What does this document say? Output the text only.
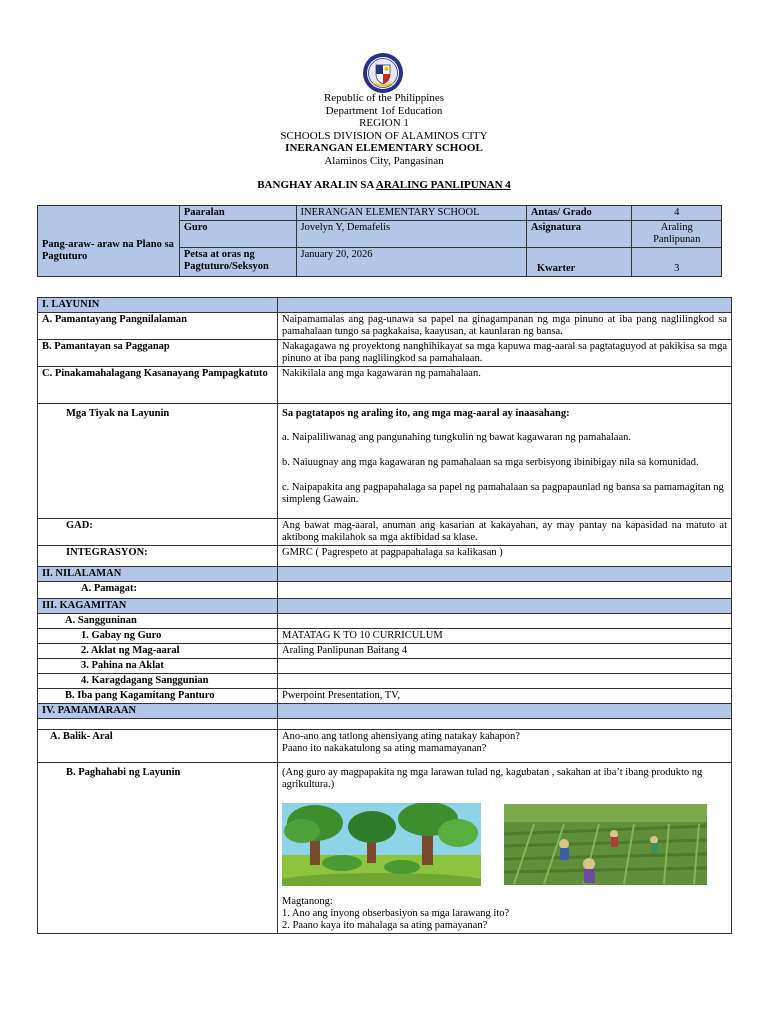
Republic of the Philippines
Department 1of Education
REGION 1
SCHOOLS DIVISION OF ALAMINOS CITY
INERANGAN ELEMENTARY SCHOOL
Alaminos City, Pangasinan
BANGHAY ARALIN SA ARALING PANLIPUNAN 4
Pang-araw- araw na Plano sa Pagtuturo	Paaralan	INERANGAN ELEMENTARY SCHOOL	Antas/ Grado	4
	Guro	Jovelyn Y, Demafelis	Asignatura	Araling Panlipunan
	Petsa at oras ng Pagtuturo/Seksyon	January 20, 2026	Kwarter	3
I. LAYUNIN	
A. Pamantayang Pangnilalaman	Naipamamalas ang pag-unawa sa papel na ginagampanan ng mga pinuno at iba pang naglilingkod sa pamahalaan tungo sa pagkakaisa, kaayusan, at kaunlaran ng bansa.
B. Pamantayan sa Pagganap	Nakagagawa ng proyektong nanghihikayat sa mga kapuwa mag-aaral sa pagtataguyod at pakikisa sa mga pinuno at iba pang naglilingkod sa pamahalaan.
C. Pinakamahalagang Kasanayang Pampagkatuto	Nakikilala ang mga kagawaran ng pamahalaan.
Mga Tiyak na Layunin	Sa pagtatapos ng araling ito, ang mga mag-aaral ay inaasahang:
a. Naipaliliwanag ang pangunahing tungkulin ng bawat kagawaran ng pamahalaan.
b. Naiuugnay ang mga kagawaran ng pamahalaan sa mga serbisyong ibinibigay nila sa komunidad.
c. Naipapakita ang pagpapahalaga sa papel ng pamahalaan sa pagpapaunlad ng bansa sa pamamagitan ng simpleng Gawain.

GAD:	Ang bawat mag-aaral, anuman ang kasarian at kakayahan, ay may pantay na kapasidad na matuto at aktibong makilahok sa mga aktibidad sa klase.
INTEGRASYON:	GMRC ( Pagrespeto at pagpapahalaga sa kalikasan )
II. NILALAMAN	
A. Pamagat:	
III. KAGAMITAN	
A. Sangguninan	
1. Gabay ng Guro	MATATAG K TO 10 CURRICULUM
2. Aklat ng Mag-aaral	Araling Panlipunan Baitang 4
3. Pahina na Aklat	
4. Karagdagang Sanggunian	
B. Iba pang Kagamitang Panturo	Pwerpoint Presentation, TV,
IV. PAMAMARAAN	

A. Balik- Aral	Ano-ano ang tatlong ahensiyang ating natakay kahapon?
Paano ito nakakatulong sa ating mamamayanan?

B. Paghahabi ng Layunin	(Ang guro ay magpapakita ng mga larawan tulad ng, kagubatan , sakahan at iba’t ibang produkto ng agrikultura.)

Magtanong:
1. Ano ang inyong obserbasiyon sa mga larawang ito?
2. Paano kaya ito mahalaga sa ating pamayanan?
